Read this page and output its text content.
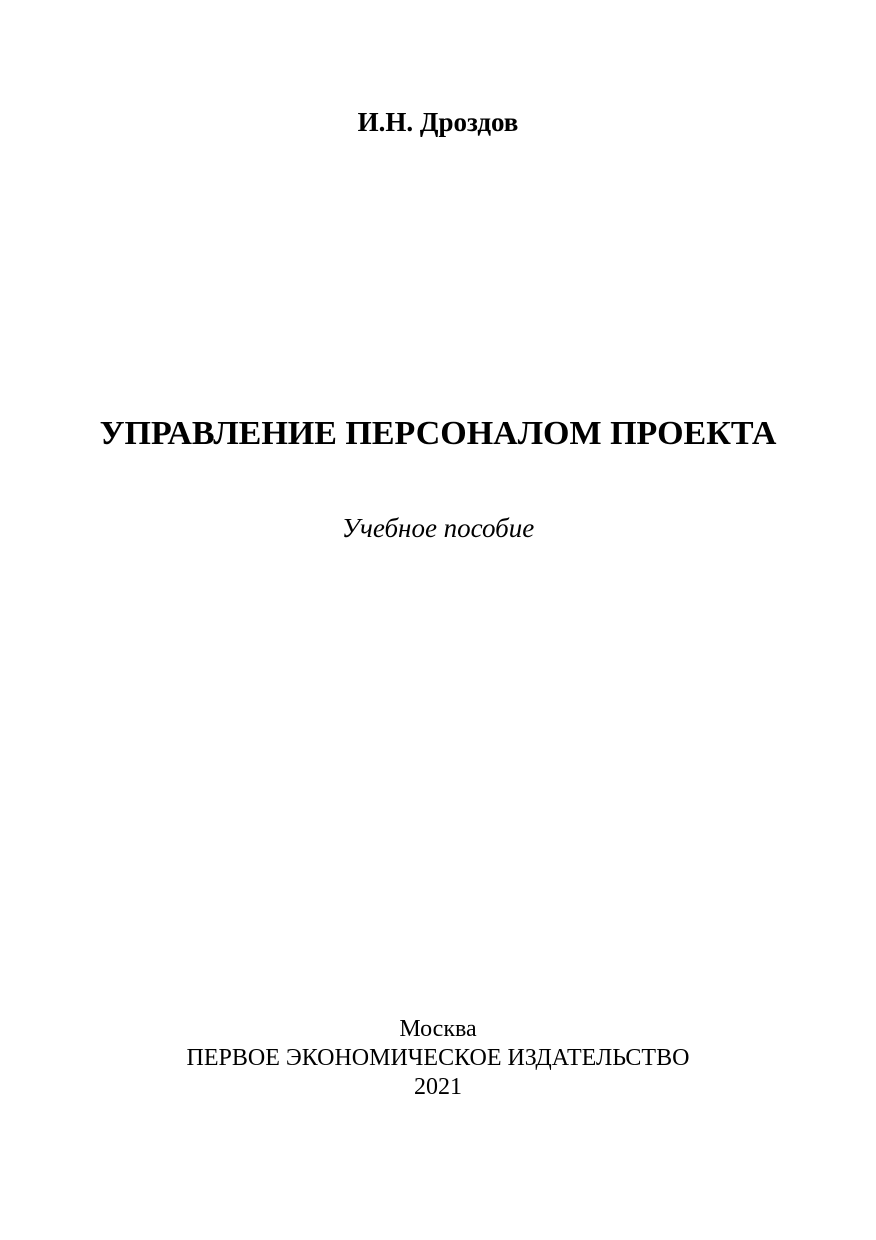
И.Н. Дроздов
УПРАВЛЕНИЕ ПЕРСОНАЛОМ ПРОЕКТА
Учебное пособие
Москва
ПЕРВОЕ ЭКОНОМИЧЕСКОЕ ИЗДАТЕЛЬСТВО
2021
